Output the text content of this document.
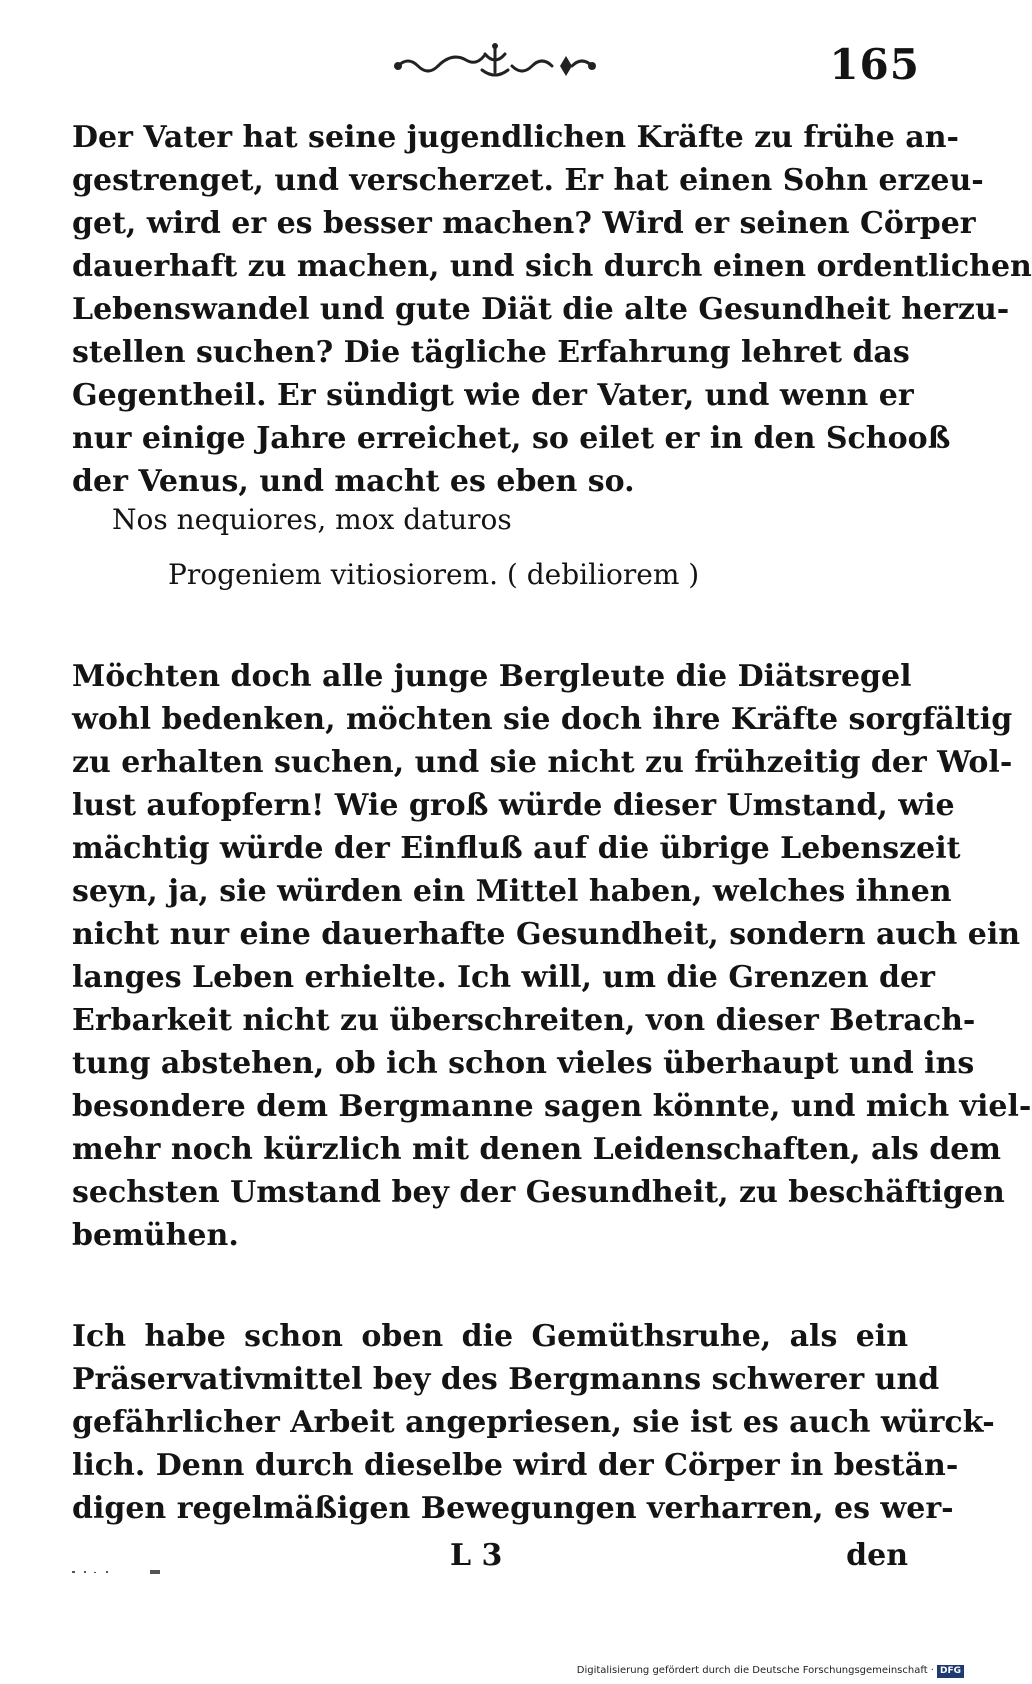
165
Der Vater hat seine jugendlichen Kräfte zu frühe an-
gestrenget, und verscherzet. Er hat einen Sohn erzeu-
get, wird er es besser machen? Wird er seinen Cörper
dauerhaft zu machen, und sich durch einen ordentlichen
Lebenswandel und gute Diät die alte Gesundheit herzu-
stellen suchen? Die tägliche Erfahrung lehret das
Gegentheil. Er sündigt wie der Vater, und wenn er
nur einige Jahre erreichet, so eilet er in den Schooß
der Venus, und macht es eben so.
Nos nequiores, mox daturos
Progeniem vitiosiorem. ( debiliorem )
Möchten doch alle junge Bergleute die Diätsregel
wohl bedenken, möchten sie doch ihre Kräfte sorgfältig
zu erhalten suchen, und sie nicht zu frühzeitig der Wol-
lust aufopfern! Wie groß würde dieser Umstand, wie
mächtig würde der Einfluß auf die übrige Lebenszeit
seyn, ja, sie würden ein Mittel haben, welches ihnen
nicht nur eine dauerhafte Gesundheit, sondern auch ein
langes Leben erhielte. Ich will, um die Grenzen der
Erbarkeit nicht zu überschreiten, von dieser Betrach-
tung abstehen, ob ich schon vieles überhaupt und ins
besondere dem Bergmanne sagen könnte, und mich viel-
mehr noch kürzlich mit denen Leidenschaften, als dem
sechsten Umstand bey der Gesundheit, zu beschäftigen
bemühen.
Ich habe schon oben die Gemüthsruhe, als ein
Präservativmittel bey des Bergmanns schwerer und
gefährlicher Arbeit angepriesen, sie ist es auch würck-
lich. Denn durch dieselbe wird der Cörper in bestän-
digen regelmäßigen Bewegungen verharren, es wer-
L 3	den
Digitalisierung gefördert durch die Deutsche Forschungsgemeinschaft · DFG
